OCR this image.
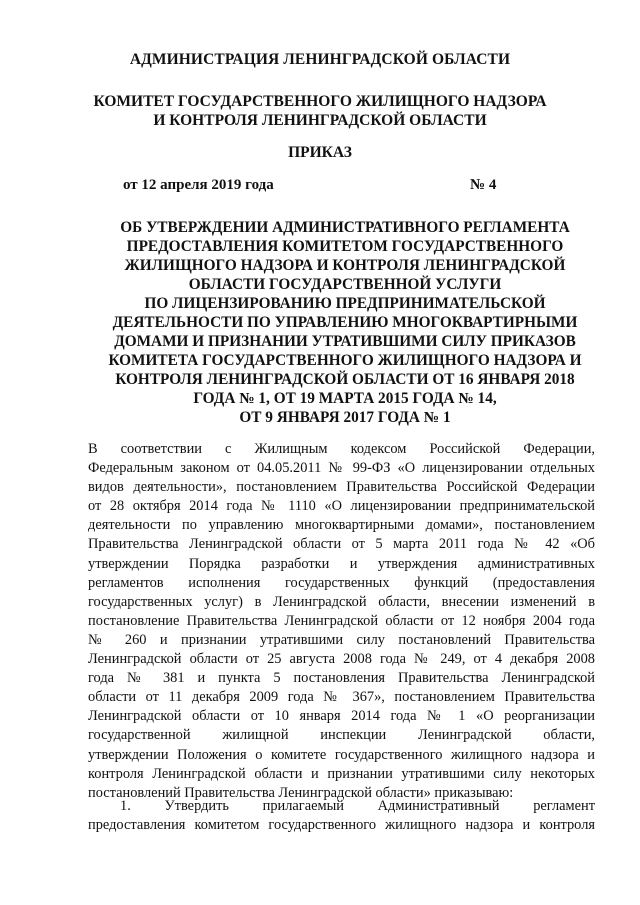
АДМИНИСТРАЦИЯ ЛЕНИНГРАДСКОЙ ОБЛАСТИ
КОМИТЕТ ГОСУДАРСТВЕННОГО ЖИЛИЩНОГО НАДЗОРА
И КОНТРОЛЯ ЛЕНИНГРАДСКОЙ ОБЛАСТИ
ПРИКАЗ
от 12 апреля 2019 года	№ 4
ОБ УТВЕРЖДЕНИИ АДМИНИСТРАТИВНОГО РЕГЛАМЕНТА
ПРЕДОСТАВЛЕНИЯ КОМИТЕТОМ ГОСУДАРСТВЕННОГО
ЖИЛИЩНОГО НАДЗОРА И КОНТРОЛЯ ЛЕНИНГРАДСКОЙ
ОБЛАСТИ ГОСУДАРСТВЕННОЙ УСЛУГИ
ПО ЛИЦЕНЗИРОВАНИЮ ПРЕДПРИНИМАТЕЛЬСКОЙ
ДЕЯТЕЛЬНОСТИ ПО УПРАВЛЕНИЮ МНОГОКВАРТИРНЫМИ
ДОМАМИ И ПРИЗНАНИИ УТРАТИВШИМИ СИЛУ ПРИКАЗОВ
КОМИТЕТА ГОСУДАРСТВЕННОГО ЖИЛИЩНОГО НАДЗОРА И
КОНТРОЛЯ ЛЕНИНГРАДСКОЙ ОБЛАСТИ ОТ 16 ЯНВАРЯ 2018
ГОДА № 1, ОТ 19 МАРТА 2015 ГОДА № 14,
ОТ 9 ЯНВАРЯ 2017 ГОДА № 1
В соответствии с Жилищным кодексом Российской Федерации,
Федеральным законом от 04.05.2011 № 99-ФЗ «О лицензировании отдельных
видов деятельности», постановлением Правительства Российской Федерации
от 28 октября 2014 года № 1110 «О лицензировании предпринимательской
деятельности по управлению многоквартирными домами», постановлением
Правительства Ленинградской области от 5 марта 2011 года № 42 «Об
утверждении Порядка разработки и утверждения административных
регламентов исполнения государственных функций (предоставления
государственных услуг) в Ленинградской области, внесении изменений в
постановление Правительства Ленинградской области от 12 ноября 2004 года
№ 260 и признании утратившими силу постановлений Правительства
Ленинградской области от 25 августа 2008 года № 249, от 4 декабря 2008
года № 381 и пункта 5 постановления Правительства Ленинградской
области от 11 декабря 2009 года № 367», постановлением Правительства
Ленинградской области от 10 января 2014 года № 1 «О реорганизации
государственной жилищной инспекции Ленинградской области,
утверждении Положения о комитете государственного жилищного надзора и
контроля Ленинградской области и признании утратившими силу некоторых
постановлений Правительства Ленинградской области» приказываю:
1. Утвердить прилагаемый Административный регламент
предоставления комитетом государственного жилищного надзора и контроля
